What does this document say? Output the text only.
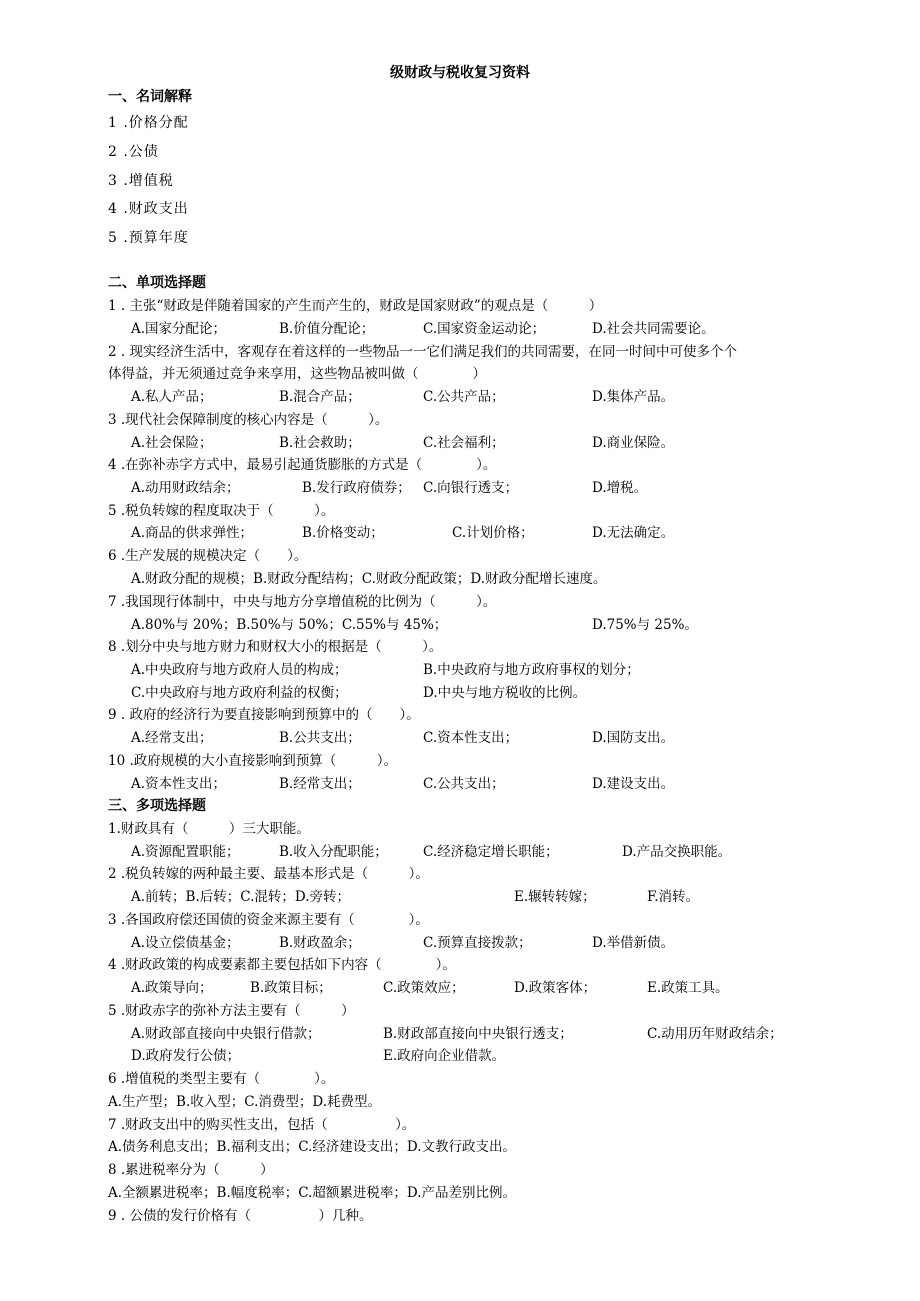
级财政与税收复习资料
一、名词解释
1 .价格分配
2 .公债
3 .增值税
4 .财政支出
5 .预算年度
二、单项选择题
1 . 主张“财政是伴随着国家的产生而产生的，财政是国家财政”的观点是（　　　）
A.国家分配论；	B.价值分配论；	C.国家资金运动论；	D.社会共同需要论。
2 . 现实经济生活中，客观存在着这样的一些物品一一它们满足我们的共同需要，在同一时间中可使多个个
体得益，并无须通过竞争来享用，这些物品被叫做（　　　　）
A.私人产品；	B.混合产品；	C.公共产品；	D.集体产品。
3 .现代社会保障制度的核心内容是（　　　）。
A.社会保险；	B.社会救助；	C.社会福利；	D.商业保险。
4 .在弥补赤字方式中，最易引起通货膨胀的方式是（　　　　）。
A.动用财政结余；	B.发行政府债券； C.向银行透支；	D.增税。
5 .税负转嫁的程度取决于（　　　）。
A.商品的供求弹性；	B.价格变动；	C.计划价格；	D.无法确定。
6 .生产发展的规模决定（　　）。
A.财政分配的规模；B.财政分配结构；C.财政分配政策；D.财政分配增长速度。
7 .我国现行体制中，中央与地方分享增值税的比例为（　　　）。
A.80%与 20%；B.50%与 50%；C.55%与 45%；	D.75%与 25%。
8 .划分中央与地方财力和财权大小的根据是（　　　）。
A.中央政府与地方政府人员的构成；	B.中央政府与地方政府事权的划分；
C.中央政府与地方政府利益的权衡；	D.中央与地方税收的比例。
9 . 政府的经济行为要直接影响到预算中的（　　）。
A.经常支出；	B.公共支出；	C.资本性支出；	D.国防支出。
10 .政府规模的大小直接影响到预算（　　　）。
A.资本性支出；	B.经常支出；	C.公共支出；	D.建设支出。
三、多项选择题
1.财政具有（　　　）三大职能。
A.资源配置职能；	B.收入分配职能；	C.经济稳定增长职能；	D.产品交换职能。
2 .税负转嫁的两种最主要、最基本形式是（　　　）。
A.前转；B.后转；C.混转；D.旁转；	E.辗转转嫁；	F.消转。
3 .各国政府偿还国债的资金来源主要有（　　　　）。
A.设立偿债基金；	B.财政盈余；	C.预算直接拨款；	D.举借新债。
4 .财政政策的构成要素都主要包括如下内容（　　　　）。
A.政策导向；	B.政策目标；	C.政策效应；	D.政策客体；	E.政策工具。
5 .财政赤字的弥补方法主要有（　　　）
A.财政部直接向中央银行借款；	B.财政部直接向中央银行透支；	C.动用历年财政结余；
D.政府发行公债；	E.政府向企业借款。
6 .增值税的类型主要有（　　　　）。
A.生产型；B.收入型；C.消费型；D.耗费型。
7 .财政支出中的购买性支出，包括（　　　　　）。
A.债务利息支出；B.福利支出；C.经济建设支出；D.文教行政支出。
8 .累进税率分为（　　　）
A.全额累进税率；B.幅度税率；C.超额累进税率；D.产品差别比例。
9 . 公债的发行价格有（　　　　　）几种。
